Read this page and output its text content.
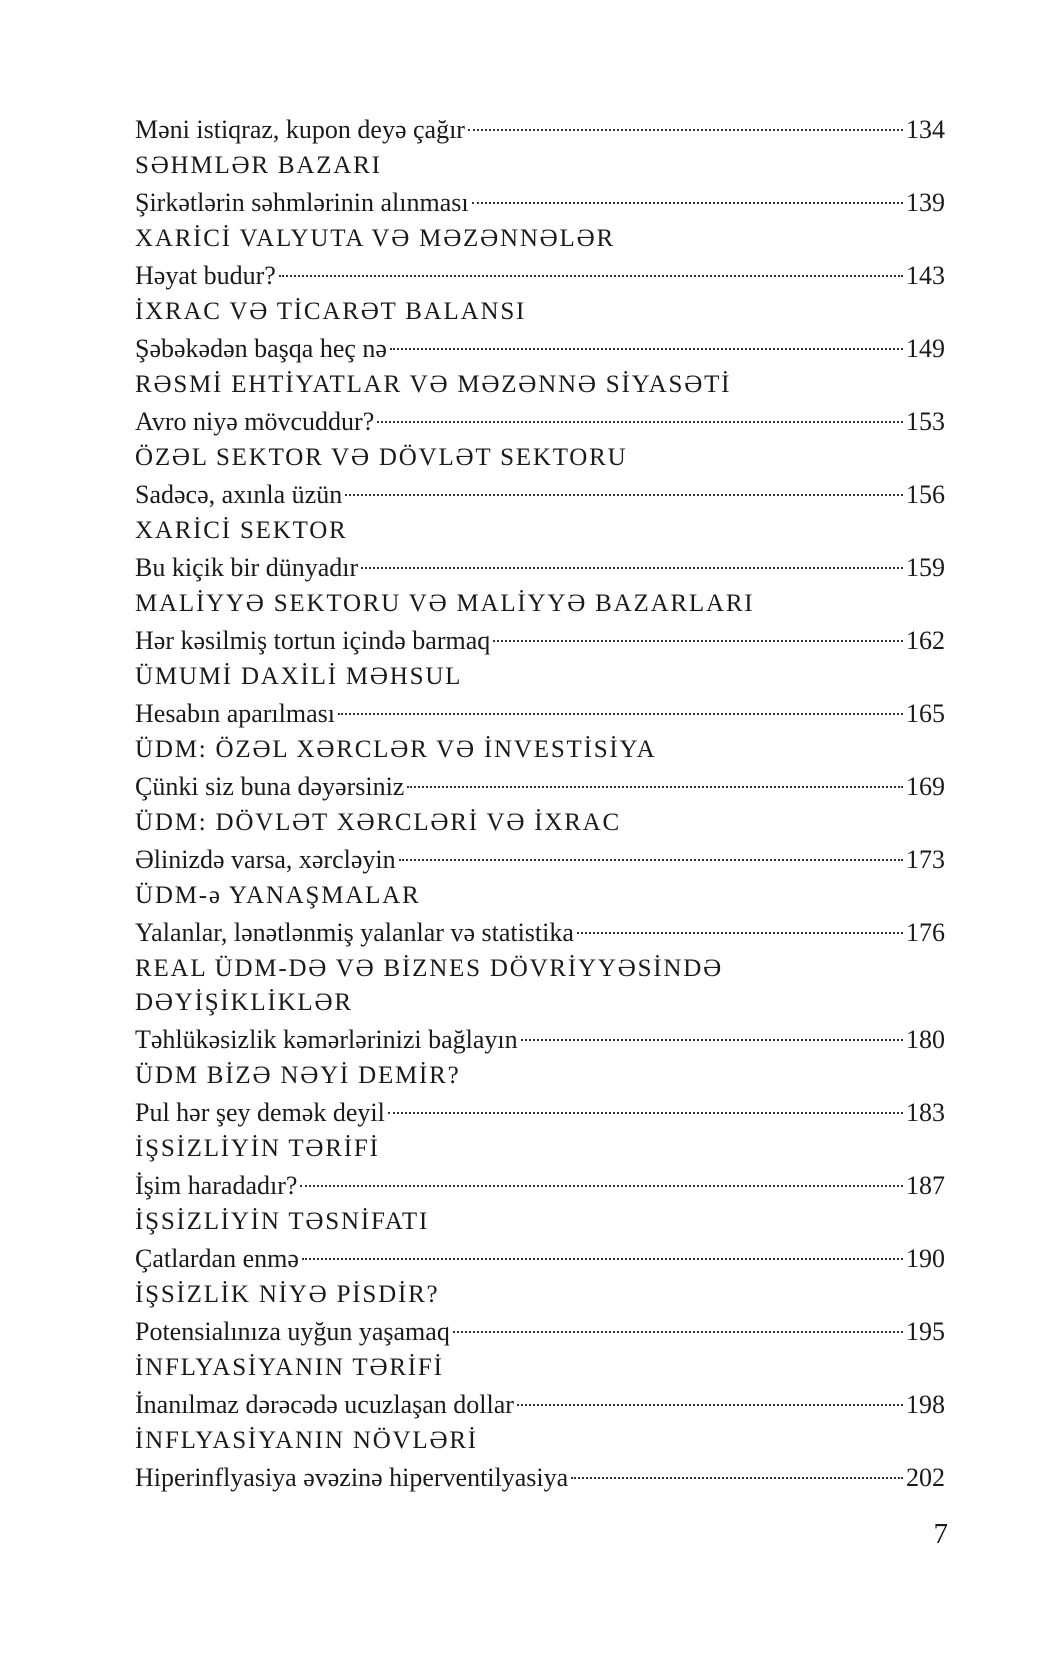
Məni istiqraz, kupon deyə çağır	134
SƏHMLƏR BAZARI
Şirkətlərin səhmlərinin alınması	139
XARİCİ VALYUTA VƏ MƏZƏNNƏLƏR
Həyat budur?	143
İXRAC VƏ TİCARƏT BALANSI
Şəbəkədən başqa heç nə	149
RƏSMİ EHTİYATLAR VƏ MƏZƏNNƏ SİYASƏTİ
Avro niyə mövcuddur?	153
ÖZƏL SEKTOR VƏ DÖVLƏT SEKTORU
Sadəcə, axınla üzün	156
XARİCİ SEKTOR
Bu kiçik bir dünyadır	159
MALİYYƏ SEKTORU VƏ MALİYYƏ BAZARLARI
Hər kəsilmiş tortun içində barmaq	162
ÜMUMİ DAXİLİ MƏHSUL
Hesabın aparılması	165
ÜDM: ÖZƏL XƏRCLƏR VƏ İNVESTİSİYA
Çünki siz buna dəyərsiniz	169
ÜDM: DÖVLƏT XƏRCLƏRİ VƏ İXRAC
Əlinizdə varsa, xərcləyin	173
ÜDM-ə YANAŞMALAR
Yalanlar, lənətlənmiş yalanlar və statistika	176
REAL ÜDM-DƏ VƏ BİZNES DÖVRİYYƏSİNDƏ
DƏYİŞİKLİKLƏR
Təhlükəsizlik kəmərlərinizi bağlayın	180
ÜDM BİZƏ NƏYİ DEMİR?
Pul hər şey demək deyil	183
İŞSİZLİYİN TƏRİFİ
İşim haradadır?	187
İŞSİZLİYİN TƏSNİFATI
Çatlardan enmə	190
İŞSİZLİK NİYƏ PİSDİR?
Potensialınıza uyğun yaşamaq	195
İNFLYASİYANIN TƏRİFİ
İnanılmaz dərəcədə ucuzlaşan dollar	198
İNFLYASİYANIN NÖVLƏRİ
Hiperinflyasiya əvəzinə hiperventilyasiya	202
7
